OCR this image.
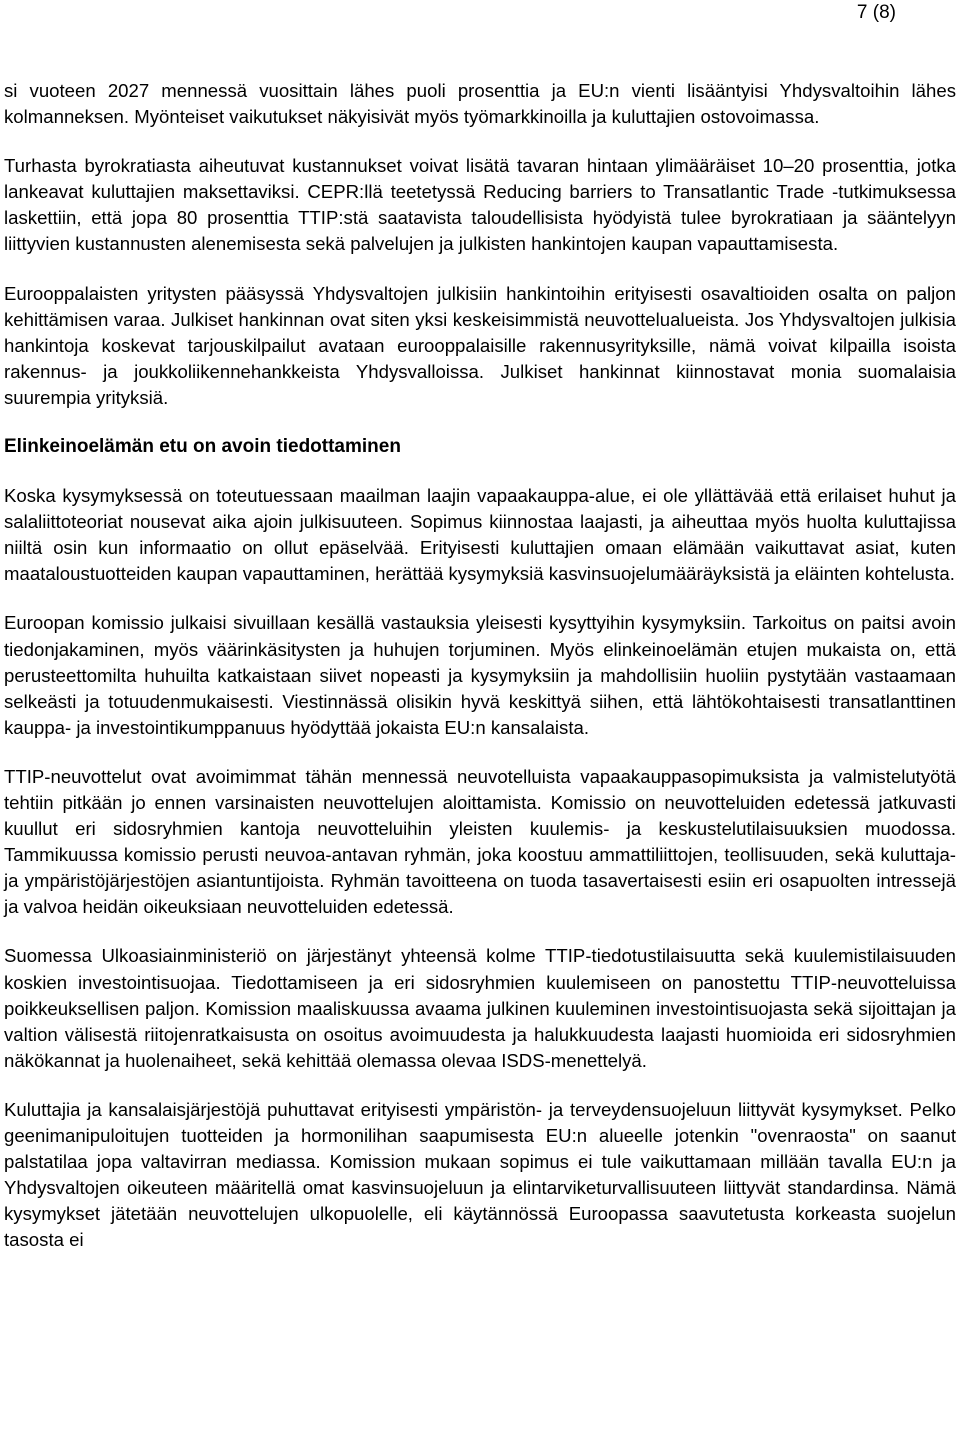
7 (8)

si vuoteen 2027 mennessä vuosittain lähes puoli prosenttia ja EU:n vienti lisääntyisi Yhdysvaltoihin lähes kolmanneksen. Myönteiset vaikutukset näkyisivät myös työmarkkinoilla ja kuluttajien ostovoimassa.

Turhasta byrokratiasta aiheutuvat kustannukset voivat lisätä tavaran hintaan ylimääräiset 10–20 prosenttia, jotka lankeavat kuluttajien maksettaviksi. CEPR:llä teetetyssä Reducing barriers to Transatlantic Trade -tutkimuksessa laskettiin, että jopa 80 prosenttia TTIP:stä saatavista taloudellisista hyödyistä tulee byrokratiaan ja sääntelyyn liittyvien kustannusten alenemisesta sekä palvelujen ja julkisten hankintojen kaupan vapauttamisesta.

Eurooppalaisten yritysten pääsyssä Yhdysvaltojen julkisiin hankintoihin erityisesti osavaltioiden osalta on paljon kehittämisen varaa. Julkiset hankinnan ovat siten yksi keskeisimmistä neuvottelualueista. Jos Yhdysvaltojen julkisia hankintoja koskevat tarjouskilpailut avataan eurooppalaisille rakennusyrityksille, nämä voivat kilpailla isoista rakennus- ja joukkoliikennehankkeista Yhdysvalloissa. Julkiset hankinnat kiinnostavat monia suomalaisia suurempia yrityksiä.

Elinkeinoelämän etu on avoin tiedottaminen

Koska kysymyksessä on toteutuessaan maailman laajin vapaakauppa-alue, ei ole yllättävää että erilaiset huhut ja salaliittoteoriat nousevat aika ajoin julkisuuteen. Sopimus kiinnostaa laajasti, ja aiheuttaa myös huolta kuluttajissa niiltä osin kun informaatio on ollut epäselvää. Erityisesti kuluttajien omaan elämään vaikuttavat asiat, kuten maataloustuotteiden kaupan vapauttaminen, herättää kysymyksiä kasvinsuojelumääräyksistä ja eläinten kohtelusta.

Euroopan komissio julkaisi sivuillaan kesällä vastauksia yleisesti kysyttyihin kysymyksiin. Tarkoitus on paitsi avoin tiedonjakaminen, myös väärinkäsitysten ja huhujen torjuminen. Myös elinkeinoelämän etujen mukaista on, että perusteettomilta huhuilta katkaistaan siivet nopeasti ja kysymyksiin ja mahdollisiin huoliin pystytään vastaamaan selkeästi ja totuudenmukaisesti. Viestinnässä olisikin hyvä keskittyä siihen, että lähtökohtaisesti transatlanttinen kauppa- ja investointikumppanuus hyödyttää jokaista EU:n kansalaista.

TTIP-neuvottelut ovat avoimimmat tähän mennessä neuvotelluista vapaakauppasopimuksista ja valmistelutyötä tehtiin pitkään jo ennen varsinaisten neuvottelujen aloittamista. Komissio on neuvotteluiden edetessä jatkuvasti kuullut eri sidosryhmien kantoja neuvotteluihin yleisten kuulemis- ja keskustelutilaisuuksien muodossa. Tammikuussa komissio perusti neuvoa-antavan ryhmän, joka koostuu ammattiliittojen, teollisuuden, sekä kuluttaja- ja ympäristöjärjestöjen asiantuntijoista. Ryhmän tavoitteena on tuoda tasavertaisesti esiin eri osapuolten intressejä ja valvoa heidän oikeuksiaan neuvotteluiden edetessä.

Suomessa Ulkoasiainministeriö on järjestänyt yhteensä kolme TTIP-tiedotustilaisuutta sekä kuulemistilaisuuden koskien investointisuojaa. Tiedottamiseen ja eri sidosryhmien kuulemiseen on panostettu TTIP-neuvotteluissa poikkeuksellisen paljon. Komission maaliskuussa avaama julkinen kuuleminen investointisuojasta sekä sijoittajan ja valtion välisestä riitojenratkaisusta on osoitus avoimuudesta ja halukkuudesta laajasti huomioida eri sidosryhmien näkökannat ja huolenaiheet, sekä kehittää olemassa olevaa ISDS-menettelyä.

Kuluttajia ja kansalaisjärjestöjä puhuttavat erityisesti ympäristön- ja terveydensuojeluun liittyvät kysymykset. Pelko geenimanipuloitujen tuotteiden ja hormonilihan saapumisesta EU:n alueelle jotenkin "ovenraosta" on saanut palstatilaa jopa valtavirran mediassa. Komission mukaan sopimus ei tule vaikuttamaan millään tavalla EU:n ja Yhdysvaltojen oikeuteen määritellä omat kasvinsuojeluun ja elintarviketurvallisuuteen liittyvät standardinsa. Nämä kysymykset jätetään neuvottelujen ulkopuolelle, eli käytännössä Euroopassa saavutetusta korkeasta suojelun tasosta ei
